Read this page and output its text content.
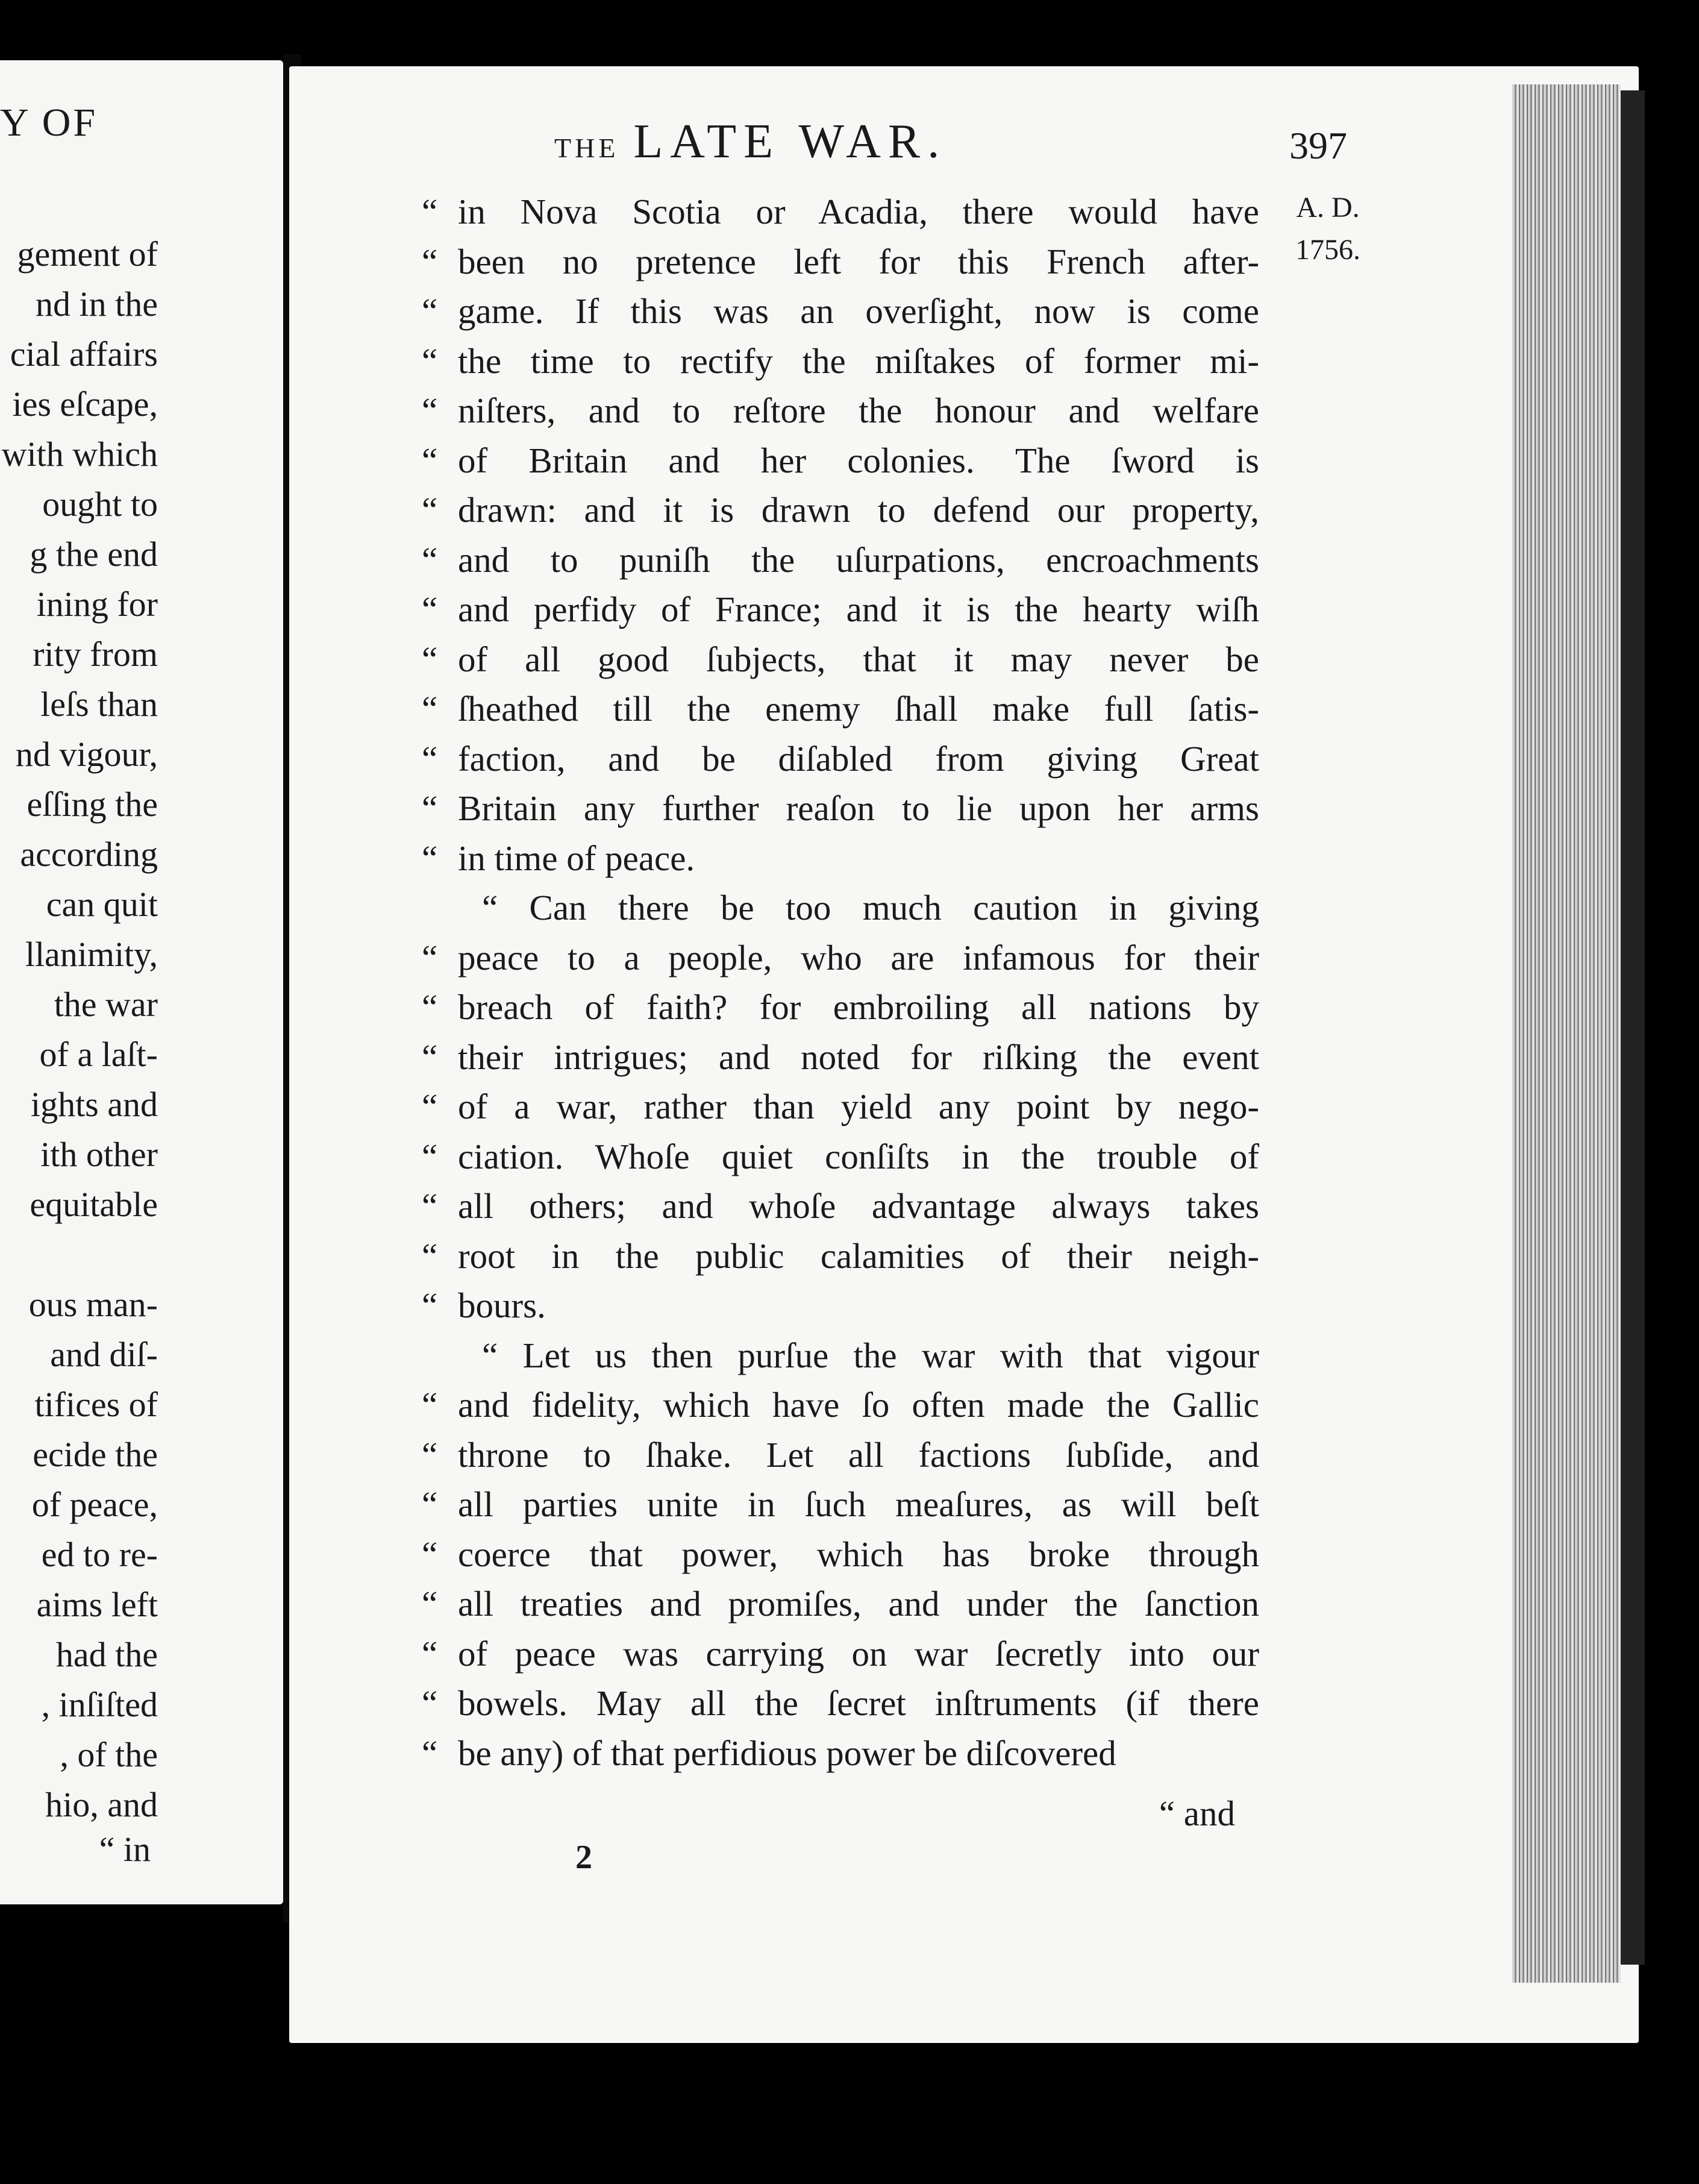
Y OF
gement of
nd in the
cial affairs
ies eſcape,
with which
ought to
g the end
ining for
rity from
leſs than
nd vigour,
eſſing the
according
can quit
llanimity,
the war
of a laſt-
ights and
ith other
equitable
ous man-
and diſ-
tifices of
ecide the
of peace,
ed to re-
aims left
had the
, inſiſted
, of the
hio, and
“ in
THE LATE WAR.	397
A. D.
1756.
“ in Nova Scotia or Acadia, there would have
“ been no pretence left for this French after-
“ game. If this was an overſight, now is come
“ the time to rectify the miſtakes of former mi-
“ niſters, and to reſtore the honour and welfare
“ of Britain and her colonies. The ſword is
“ drawn: and it is drawn to defend our property,
“ and to puniſh the uſurpations, encroachments
“ and perfidy of France; and it is the hearty wiſh
“ of all good ſubjects, that it may never be
“ ſheathed till the enemy ſhall make full ſatis-
“ faction, and be diſabled from giving Great
“ Britain any further reaſon to lie upon her arms
“ in time of peace.
“ Can there be too much caution in giving
“ peace to a people, who are infamous for their
“ breach of faith? for embroiling all nations by
“ their intrigues; and noted for riſking the event
“ of a war, rather than yield any point by nego-
“ ciation. Whoſe quiet conſiſts in the trouble of
“ all others; and whoſe advantage always takes
“ root in the public calamities of their neigh-
“ bours.
“ Let us then purſue the war with that vigour
“ and fidelity, which have ſo often made the Gallic
“ throne to ſhake. Let all factions ſubſide, and
“ all parties unite in ſuch meaſures, as will beſt
“ coerce that power, which has broke through
“ all treaties and promiſes, and under the ſanction
“ of peace was carrying on war ſecretly into our
“ bowels. May all the ſecret inſtruments (if there
“ be any) of that perfidious power be diſcovered
“ and
2
